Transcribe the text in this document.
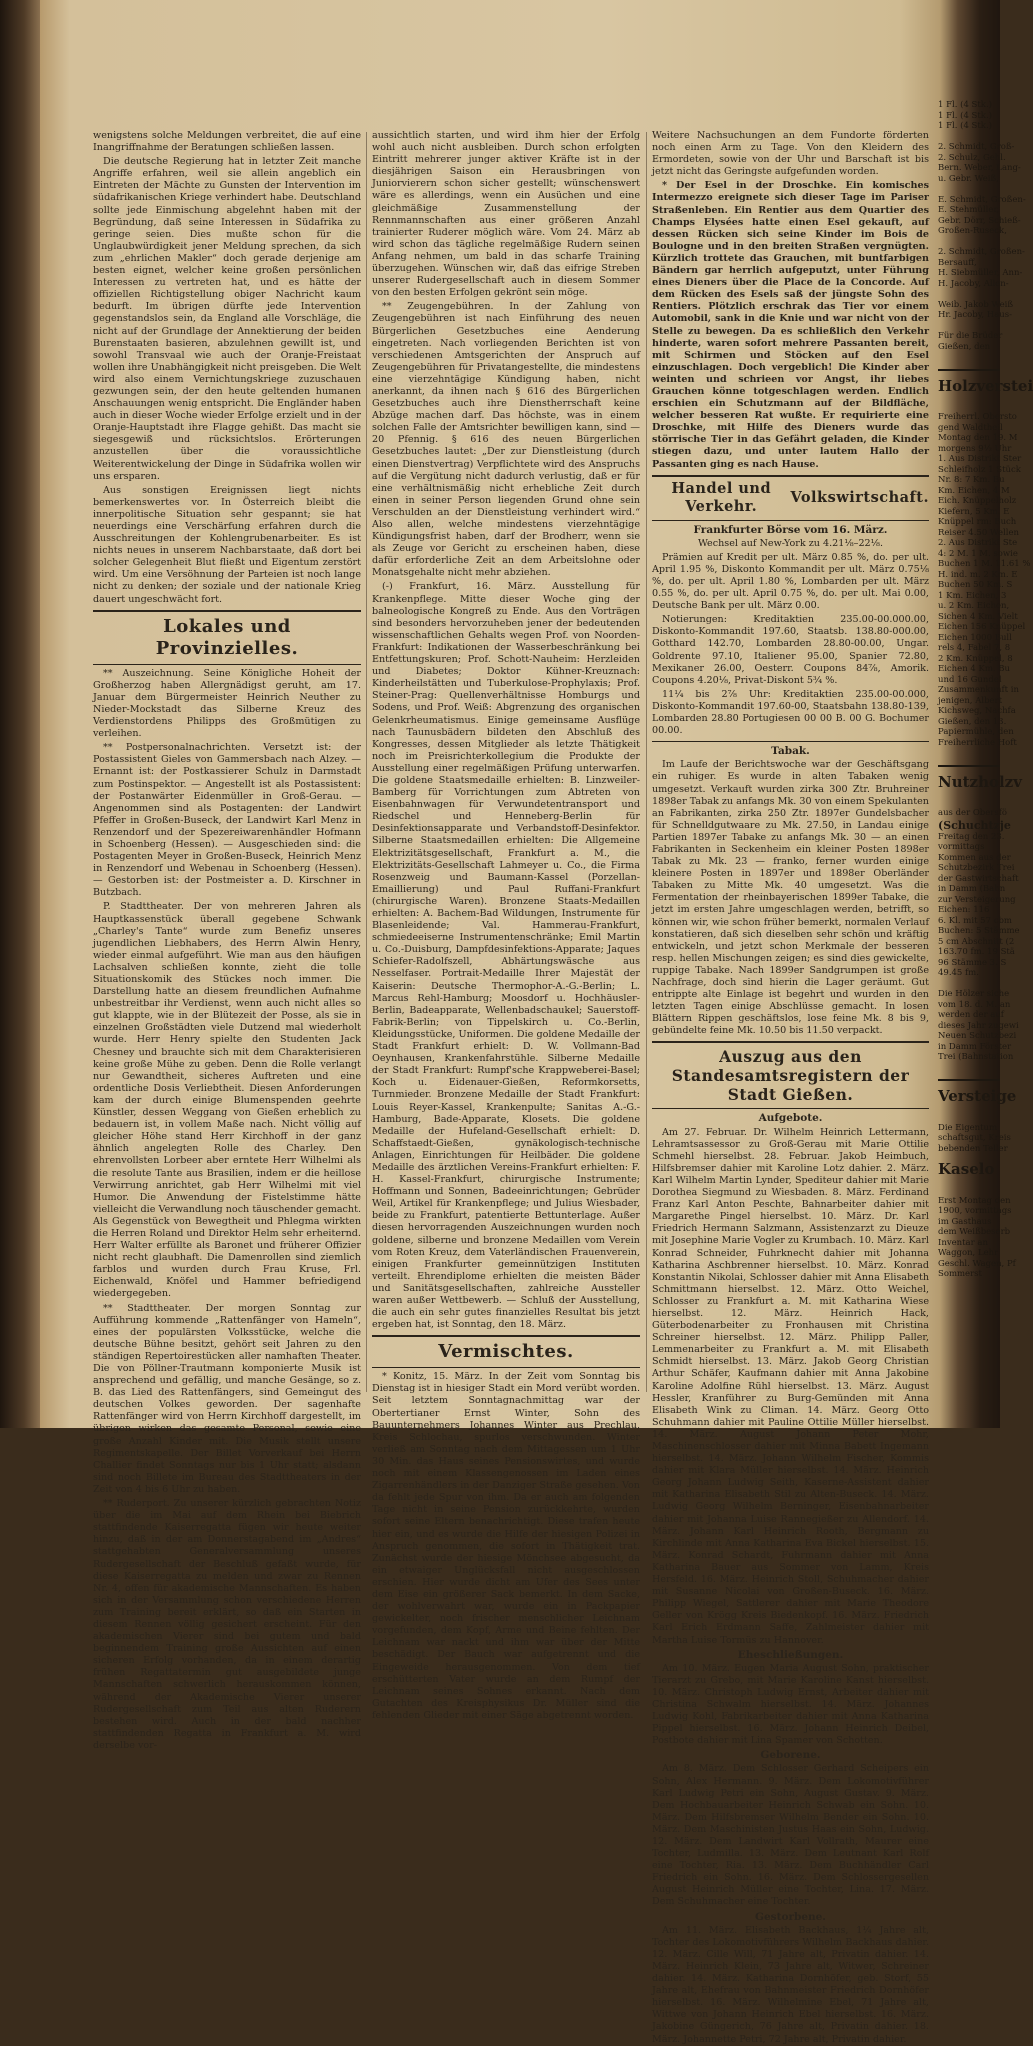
wenigstens solche Meldungen verbreitet, die auf eine Inangriffnahme der Beratungen schließen lassen.

Die deutsche Regierung hat in letzter Zeit manche Angriffe erfahren, weil sie allein angeblich ein Eintreten der Mächte zu Gunsten der Intervention im südafrikanischen Kriege verhindert habe. Deutschland sollte jede Einmischung abgelehnt haben mit der Begründung, daß seine Interessen in Südafrika zu geringe seien. Dies mußte schon für die Unglaubwürdigkeit jener Meldung sprechen, da sich zum „ehrlichen Makler“ doch gerade derjenige am besten eignet, welcher keine großen persönlichen Interessen zu vertreten hat, und es hätte der offiziellen Richtigstellung obiger Nachricht kaum bedurft. Im übrigen dürfte jede Intervention gegenstandslos sein, da England alle Vorschläge, die nicht auf der Grundlage der Annektierung der beiden Burenstaaten basieren, abzulehnen gewillt ist, und sowohl Transvaal wie auch der Oranje-Freistaat wollen ihre Unabhängigkeit nicht preisgeben. Die Welt wird also einem Vernichtungskriege zuzuschauen gezwungen sein, der den heute geltenden humanen Anschauungen wenig entspricht. Die Engländer haben auch in dieser Woche wieder Erfolge erzielt und in der Oranje-Hauptstadt ihre Flagge gehißt. Das macht sie siegesgewiß und rücksichtslos. Erörterungen anzustellen über die voraussichtliche Weiterentwickelung der Dinge in Südafrika wollen wir uns ersparen.

Aus sonstigen Ereignissen liegt nichts bemerkenswertes vor. In Österreich bleibt die innerpolitische Situation sehr gespannt; sie hat neuerdings eine Verschärfung erfahren durch die Ausschreitungen der Kohlengrubenarbeiter. Es ist nichts neues in unserem Nachbarstaate, daß dort bei solcher Gelegenheit Blut fließt und Eigentum zerstört wird. Um eine Versöhnung der Parteien ist noch lange nicht zu denken; der soziale und der nationale Krieg dauert ungeschwächt fort.

Lokales und Provinzielles.

** Auszeichnung. Seine Königliche Hoheit der Großherzog haben Allergnädigst geruht, am 17. Januar dem Bürgermeister Heinrich Neuther zu Nieder-Mockstadt das Silberne Kreuz des Verdienstordens Philipps des Großmütigen zu verleihen.

** Postpersonalnachrichten. Versetzt ist: der Postassistent Gieles von Gammersbach nach Alzey. — Ernannt ist: der Postkassierer Schulz in Darmstadt zum Postinspektor. — Angestellt ist als Postassistent: der Postanwärter Eidenmüller in Groß-Gerau. — Angenommen sind als Postagenten: der Landwirt Pfeffer in Großen-Buseck, der Landwirt Karl Menz in Renzendorf und der Spezereiwarenhändler Hofmann in Schoenberg (Hessen). — Ausgeschieden sind: die Postagenten Meyer in Großen-Buseck, Heinrich Menz in Renzendorf und Webenau in Schoenberg (Hessen). — Gestorben ist: der Postmeister a. D. Kirschner in Butzbach.

P. Stadttheater. Der von mehreren Jahren als Hauptkassenstück überall gegebene Schwank „Charley's Tante“ wurde zum Benefiz unseres jugendlichen Liebhabers, des Herrn Alwin Henry, wieder einmal aufgeführt. Wie man aus den häufigen Lachsalven schließen konnte, zieht die tolle Situationskomik des Stückes noch immer. Die Darstellung hatte an diesem freundlichen Aufnahme unbestreitbar ihr Verdienst, wenn auch nicht alles so gut klappte, wie in der Blütezeit der Posse, als sie in einzelnen Großstädten viele Dutzend mal wiederholt wurde. Herr Henry spielte den Studenten Jack Chesney und brauchte sich mit dem Charakterisieren keine große Mühe zu geben. Denn die Rolle verlangt nur Gewandtheit, sicheres Auftreten und eine ordentliche Dosis Verliebtheit. Diesen Anforderungen kam der durch einige Blumenspenden geehrte Künstler, dessen Weggang von Gießen erheblich zu bedauern ist, in vollem Maße nach. Nicht völlig auf gleicher Höhe stand Herr Kirchhoff in der ganz ähnlich angelegten Rolle des Charley. Den ehrenvollsten Lorbeer aber erntete Herr Wilhelmi als die resolute Tante aus Brasilien, indem er die heillose Verwirrung anrichtet, gab Herr Wilhelmi mit viel Humor. Die Anwendung der Fistelstimme hätte vielleicht die Verwandlung noch täuschender gemacht. Als Gegenstück von Bewegtheit und Phlegma wirkten die Herren Roland und Direktor Helm sehr erheiternd. Herr Walter erfüllte als Baronet und früherer Offizier nicht recht glaubhaft. Die Damenrollen sind ziemlich farblos und wurden durch Frau Kruse, Frl. Eichenwald, Knöfel und Hammer befriedigend wiedergegeben.

** Stadttheater. Der morgen Sonntag zur Aufführung kommende „Rattenfänger von Hameln“, eines der populärsten Volksstücke, welche die deutsche Bühne besitzt, gehört seit Jahren zu den ständigen Repertoirestücken aller namhaften Theater. Die von Pöllner-Trautmann komponierte Musik ist ansprechend und gefällig, und manche Gesänge, so z. B. das Lied des Rattenfängers, sind Gemeingut des deutschen Volkes geworden. Der sagenhafte Rattenfänger wird von Herrn Kirchhoff dargestellt, im übrigen wirken das gesamte Personal, sowie eine große Anzahl Kinder mit. Die Musik stellt unsere Regimentskapelle. Der Billet Vorverkauf bei Herrn Challier findet Sonntags nur bis 1 Uhr statt; alsdann sind noch Billete im Bureau des Stadttheaters in der Zeit von 4 bis 6 Uhr zu haben.

** Ruderport. Zu unserer kürzlich gebrachten Notiz über die im Mai auf dem Rhein bei Biebrich stattfindende Kaiserregatta fügen wir heute weiter hinzu, daß in der am Donnerstagabend im „Andres“ stattgehabten Generalversammlung unseres Rudergesellschaft der Beschluß gefaßt wurde, für diese Kaiserregatta zu melden und zwar zu Rennen Nr. 4, offen für akademische Mannschaften. Es haben sich in der Versammlung schon verschiedene Herren zum Training bereit erklärt, so daß ein Starten in diesem Rennen völlig gesichert erscheint. Für den akademischen Vierer sind bei gutem und bald beginnendem Training große Aussichten auf einen sicheren Erfolg vorhanden, da in einem derartig frühen Regattatermin gut ausgebildete junge Mannschaften schwerlich herauskommen können, während der Akademische Vierer unserer Rudergesellschaft zum Teil aus alten Ruderern bestehen wird. Auch in der bald nachher stattfindenden Regatta in Frankfurt a. M. wird derselbe vor-

aussichtlich starten, und wird ihm hier der Erfolg wohl auch nicht ausbleiben. Durch schon erfolgten Eintritt mehrerer junger aktiver Kräfte ist in der diesjährigen Saison ein Herausbringen von Juniorvierern schon sicher gestellt; wünschenswert wäre es allerdings, wenn ein Ausüchen und eine gleichmäßige Zusammenstellung der Rennmannschaften aus einer größeren Anzahl trainierter Ruderer möglich wäre. Vom 24. März ab wird schon das tägliche regelmäßige Rudern seinen Anfang nehmen, um bald in das scharfe Training überzugehen. Wünschen wir, daß das eifrige Streben unserer Rudergesellschaft auch in diesem Sommer von den besten Erfolgen gekrönt sein möge.

** Zeugengebühren. In der Zahlung von Zeugengebühren ist nach Einführung des neuen Bürgerlichen Gesetzbuches eine Aenderung eingetreten. Nach vorliegenden Berichten ist von verschiedenen Amtsgerichten der Anspruch auf Zeugengebühren für Privatangestellte, die mindestens eine vierzehntägige Kündigung haben, nicht anerkannt, da ihnen nach § 616 des Bürgerlichen Gesetzbuches auch ihre Dienstherrschaft keine Abzüge machen darf. Das höchste, was in einem solchen Falle der Amtsrichter bewilligen kann, sind — 20 Pfennig. § 616 des neuen Bürgerlichen Gesetzbuches lautet: „Der zur Dienstleistung (durch einen Dienstvertrag) Verpflichtete wird des Anspruchs auf die Vergütung nicht dadurch verlustig, daß er für eine verhältnismäßig nicht erhebliche Zeit durch einen in seiner Person liegenden Grund ohne sein Verschulden an der Dienstleistung verhindert wird.“ Also allen, welche mindestens vierzehntägige Kündigungsfrist haben, darf der Brodherr, wenn sie als Zeuge vor Gericht zu erscheinen haben, diese dafür erforderliche Zeit an dem Arbeitslohne oder Monatsgehalte nicht mehr abziehen.

(-) Frankfurt, 16. März. Ausstellung für Krankenpflege. Mitte dieser Woche ging der balneologische Kongreß zu Ende. Aus den Vorträgen sind besonders hervorzuheben jener der bedeutenden wissenschaftlichen Gehalts wegen Prof. von Noorden-Frankfurt: Indikationen der Wasserbeschränkung bei Entfettungskuren; Prof. Schott-Nauheim: Herzleiden und Diabetes; Doktor Kühner-Kreuznach: Kinderheilstätten und Tuberkulose-Prophylaxis; Prof. Steiner-Prag: Quellenverhältnisse Homburgs und Sodens, und Prof. Weiß: Abgrenzung des organischen Gelenkrheumatismus. Einige gemeinsame Ausflüge nach Taunusbädern bildeten den Abschluß des Kongresses, dessen Mitglieder als letzte Thätigkeit noch im Preisrichterkollegium die Produkte der Ausstellung einer regelmäßigen Prüfung unterwarfen. Die goldene Staatsmedaille erhielten: B. Linzweiler-Bamberg für Vorrichtungen zum Abtreten von Eisenbahnwagen für Verwundetentransport und Riedschel und Henneberg-Berlin für Desinfektionsapparate und Verbandstoff-Desinfektor. Silberne Staatsmedaillen erhielten: Die Allgemeine Elektrizitätsgesellschaft, Frankfurt a. M., die Elektrizitäts-Gesellschaft Lahmeyer u. Co., die Firma Rosenzweig und Baumann-Kassel (Porzellan-Emaillierung) und Paul Ruffani-Frankfurt (chirurgische Waren). Bronzene Staats-Medaillen erhielten: A. Bachem-Bad Wildungen, Instrumente für Blasenleidende; Val. Hammerau-Frankfurt, schmiedeeiserne Instrumentenschränke; Emil Martin u. Co.-Duisburg, Dampfdesinfektions-Apparate; Jaques Schiefer-Radolfszell, Abhärtungswäsche aus Nesselfaser. Portrait-Medaille Ihrer Majestät der Kaiserin: Deutsche Thermophor-A.-G.-Berlin; L. Marcus Rehl-Hamburg; Moosdorf u. Hochhäusler-Berlin, Badeapparate, Wellenbadschaukel; Sauerstoff-Fabrik-Berlin; von Tippelskirch u. Co.-Berlin, Kleidungsstücke, Uniformen. Die goldene Medaille der Stadt Frankfurt erhielt: D. W. Vollmann-Bad Oeynhausen, Krankenfahrstühle. Silberne Medaille der Stadt Frankfurt: Rumpf'sche Krappweberei-Basel; Koch u. Eidenauer-Gießen, Reformkorsetts, Turnmieder. Bronzene Medaille der Stadt Frankfurt: Louis Reyer-Kassel, Krankenpulte; Sanitas A.-G.-Hamburg, Bade-Apparate, Klosets. Die goldene Medaille der Hufeland-Gesellschaft erhielt: D. Schaffstaedt-Gießen, gynäkologisch-technische Anlagen, Einrichtungen für Heilbäder. Die goldene Medaille des ärztlichen Vereins-Frankfurt erhielten: F. H. Kassel-Frankfurt, chirurgische Instrumente; Hoffmann und Sonnen, Badeeinrichtungen; Gebrüder Weil, Artikel für Krankenpflege; und Julius Wiesbader, beide zu Frankfurt, patentierte Bettunterlage. Außer diesen hervorragenden Auszeichnungen wurden noch goldene, silberne und bronzene Medaillen vom Verein vom Roten Kreuz, dem Vaterländischen Frauenverein, einigen Frankfurter gemeinnützigen Instituten verteilt. Ehrendiplome erhielten die meisten Bäder und Sanitätsgesellschaften, zahlreiche Aussteller waren außer Wettbewerb. — Schluß der Ausstellung, die auch ein sehr gutes finanzielles Resultat bis jetzt ergeben hat, ist Sonntag, den 18. März.

Vermischtes.

* Konitz, 15. März. In der Zeit vom Sonntag bis Dienstag ist in hiesiger Stadt ein Mord verübt worden. Seit letztem Sonntagnachmittag war der Obertertianer Ernst Winter, Sohn des Bauunternehmers Johannes Winter aus Prechlau, Kreis Schlochau, spurlos verschwunden. Winter verließ am Sonntag nach dem Mittagessen um 1 Uhr 30 Min. das Haus seines Pensionswirtes, und wurde noch mit einem Klassengenossen im Laden eines Zigarrenhändlers in der Danziger Straße gesehen. Von da fehlt jede Spur von ihm. Da er auch am folgenden Tage nicht in seine Pension zurückkehrte, wurden sofort seine Eltern benachrichtigt. Diese trafen heute hier ein, und es wurde die Hilfe der hiesigen Polizei in Anspruch genommen, die sofort in Thätigkeit trat. Zunächst wurde der hiesige Mönchsee abgesucht, da ein etwaiger Unglücksfall nicht ausgeschlossen erschien. Hier wurde dicht am Ufer des Sees unter dem Eise ein größerer Sack bemerkt. In dem Sacke, der wohlverwahrt war, wurde ein in Packpapier gewickelter, noch frischer menschlicher Leichnam vorgefunden, dem Kopf, Arme und Beine fehlten. Der Leichnam war nackt und ihm war über der Mitte beschädigt. Der Bauch war aufgetrennt und die Eingeweide herausgenommen. Von dem tief erschütterten Vater wurde an dem Rumpf der Leichnam seines Sohnes erkannt. Nach dem Gutachten des Kreisphysikus Dr. Müller sind die fehlenden Glieder mit einer Säge abgetrennt worden.

Weitere Nachsuchungen an dem Fundorte förderten noch einen Arm zu Tage. Von den Kleidern des Ermordeten, sowie von der Uhr und Barschaft ist bis jetzt nicht das Geringste aufgefunden worden.

* Der Esel in der Droschke. Ein komisches Intermezzo ereignete sich dieser Tage im Pariser Straßenleben. Ein Rentier aus dem Quartier des Champs Elysées hatte einen Esel gekauft, auf dessen Rücken sich seine Kinder im Bois de Boulogne und in den breiten Straßen vergnügten. Kürzlich trottete das Grauchen, mit buntfarbigen Bändern gar herrlich aufgeputzt, unter Führung eines Dieners über die Place de la Concorde. Auf dem Rücken des Esels saß der jüngste Sohn des Rentiers. Plötzlich erschrak das Tier vor einem Automobil, sank in die Knie und war nicht von der Stelle zu bewegen. Da es schließlich den Verkehr hinderte, waren sofort mehrere Passanten bereit, mit Schirmen und Stöcken auf den Esel einzuschlagen. Doch vergeblich! Die Kinder aber weinten und schrieen vor Angst, ihr liebes Grauchen könne totgeschlagen werden. Endlich erschien ein Schutzmann auf der Bildfläche, welcher besseren Rat wußte. Er requirierte eine Droschke, mit Hilfe des Dieners wurde das störrische Tier in das Gefährt geladen, die Kinder stiegen dazu, und unter lautem Hallo der Passanten ging es nach Hause.

Handel und Verkehr.
Volkswirtschaft.
Frankfurter Börse vom 16. März.

Wechsel auf New-York zu 4.21⅛–22⅛.

Prämien auf Kredit per ult. März 0.85 %, do. per ult. April 1.95 %, Diskonto Kommandit per ult. März 0.75⅛ %, do. per ult. April 1.80 %, Lombarden per ult. März 0.55 %, do. per ult. April 0.75 %, do. per ult. Mai 0.00, Deutsche Bank per ult. März 0.00.

Notierungen: Kreditaktien 235.00-00.000.00, Diskonto-Kommandit 197.60, Staatsb. 138.80-000.00, Gotthard 142.70, Lombarden 28.80-00.00, Ungar. Goldrente 97.10, Italiener 95.00, Spanier 72.80, Mexikaner 26.00, Oesterr. Coupons 84⅞, Amorik. Coupons 4.20⅛, Privat-Diskont 5¾ %.

11¼ bis 2⅞ Uhr: Kreditaktien 235.00-00.000, Diskonto-Kommandit 197.60-00, Staatsbahn 138.80-139, Lombarden 28.80 Portugiesen 00 00 B. 00 G. Bochumer 00.00.

Tabak.

Im Laufe der Berichtswoche war der Geschäftsgang ein ruhiger. Es wurde in alten Tabaken wenig umgesetzt. Verkauft wurden zirka 300 Ztr. Bruhreiner 1898er Tabak zu anfangs Mk. 30 von einem Spekulanten an Fabrikanten, zirka 250 Ztr. 1897er Gundelsbacher für Schnelldgutwaare zu Mk. 27.50, in Landau einige Partien 1897er Tabake zu anfangs Mk. 30 — an einen Fabrikanten in Seckenheim ein kleiner Posten 1898er Tabak zu Mk. 23 — franko, ferner wurden einige kleinere Posten in 1897er und 1898er Oberländer Tabaken zu Mitte Mk. 40 umgesetzt. Was die Fermentation der rheinbayerischen 1899er Tabake, die jetzt im ersten Jahre umgeschlagen werden, betrifft, so können wir, wie schon früher bemerkt, normalen Verlauf konstatieren, daß sich dieselben sehr schön und kräftig entwickeln, und jetzt schon Merkmale der besseren resp. hellen Mischungen zeigen; es sind dies gewickelte, ruppige Tabake. Nach 1899er Sandgrumpen ist große Nachfrage, doch sind hierin die Lager geräumt. Gut entrippte alte Einlage ist begehrt und wurden in den letzten Tagen einige Abschlüsse gemacht. In losen Blättern Rippen geschäftslos, lose feine Mk. 8 bis 9, gebündelte feine Mk. 10.50 bis 11.50 verpackt.

Auszug aus den Standesamtsregistern der Stadt Gießen.
Aufgebote.

Am 27. Februar. Dr. Wilhelm Heinrich Lettermann, Lehramtsassessor zu Groß-Gerau mit Marie Ottilie Schmehl hierselbst. 28. Februar. Jakob Heimbuch, Hilfsbremser dahier mit Karoline Lotz dahier. 2. März. Karl Wilhelm Martin Lynder, Spediteur dahier mit Marie Dorothea Siegmund zu Wiesbaden. 8. März. Ferdinand Franz Karl Anton Peschte, Bahnarbeiter dahier mit Margarethe Pingel hierselbst. 10. März. Dr. Karl Friedrich Hermann Salzmann, Assistenzarzt zu Dieuze mit Josephine Marie Vogler zu Krumbach. 10. März. Karl Konrad Schneider, Fuhrknecht dahier mit Johanna Katharina Aschbrenner hierselbst. 10. März. Konrad Konstantin Nikolai, Schlosser dahier mit Anna Elisabeth Schmittmann hierselbst. 12. März. Otto Weichel, Schlosser zu Frankfurt a. M. mit Katharina Wiese hierselbst. 12. März. Heinrich Hack, Güterbodenarbeiter zu Fronhausen mit Christina Schreiner hierselbst. 12. März. Philipp Paller, Lemmenarbeiter zu Frankfurt a. M. mit Elisabeth Schmidt hierselbst. 13. März. Jakob Georg Christian Arthur Schäfer, Kaufmann dahier mit Anna Jakobine Karoline Adolfine Rühl hierselbst. 13. März. August Hessler, Kranführer zu Burg-Gemünden mit Anna Elisabeth Wink zu Climan. 14. März. Georg Otto Schuhmann dahier mit Pauline Ottilie Müller hierselbst. 14. März. August Johann Peter Mohr, Maschinenschlosser dahier mit Minna Babett Ingemann hierselbst. 14. März. Johann Wilhelm Fischer, Kommis dahier mit Klara Müller hierselbst. 14. März. Heinrich Georg Johann Ludwig Seith, Kaserne-Assistent dahier mit Katharina Elisabeth Stil zu Alten-Buseck. 14. März. Ludwig Georg Wilhelm Berninger, Eisenbahnarbeiter dahier mit Johanna Luise Rannegießer zu Allendorf. 14. März. Johann Karl Heinrich Rooth, Bergmann zu Kirchlinde mit Anna Katharina Eva Bickel hierselbst. 15. März. Konrad Schardt, Fuhrmann dahier mit Anna Katharina Bauer aus Sommer von Lamm, Kreis Hersfeld. 16. März. Heinrich Stoll, Schuhmacher dahier mit Susanne Nicolai von Großen-Buseck. 16. März. Philipp Wiegel, Sattlerer dahier mit Marie Theodore Geller von Krögg Kreis Biedenkopf. 16. März. Friedrich Karl Erich Erdmann Saffe, Zahlmeister dahier mit Martha Luise Tormüs zu Hannover.

Eheschließungen.

Am 10. März. Eugen Maria August Sohn, praktischer Tierarzt zu Grebo, mit Marie Karoline Kanst hierselbst. 10. März. Christoph Ludwig Ernst, Arbeiter dahier mit Christina Schwalm hierselbst. 14. März. Johannes Ludwig Kohl, Fabrikarbeiter dahier mit Anna Katharina Pippel hierselbst. 16. März. Johann Heinrich Deibel, Postbote dahier mit Lina Spamer von Schotten.

Geborene.

Am 8. März. Dem Schlosser Gerhard Scheipers ein Sohn, Alex Hermann. 9. März. Dem Lokomotivführer Karl Ludwig Petri ein Sohn, August Gustav. 9. März. Dem Hochbauarbeiter Heinrich Schwab ein Sohn. 10. März. Dem Hilfsbremser Wilhelm Bender ein Sohn. 10. März. Dem Maschinisten Justus Haas ein Sohn, Ludwig. 12. März. Dem Landwirt Karl Vollrath, Maurer eine Tochter, Ludmilla. 13. März. Dem Leutnant Karl Rolf eine Tochter, Ria. 13. März. Dem Buchhändler Carl Friedrich ein Sohn. 16. März. Dem Schlossergesellen August Heinrich Müller eine Tochter, Lina. 17. März. Dem Schuhmacher eine Tochter.

Gestorbene.

Am 11. März. Elisabeth Backhaus, 1¼ Jahre alt, Tochter des Lokomotivführers Wilhelm Backhaus dahier. 12. März. Cille Will, 71 Jahre alt, Privatin dahier. 14. März. Heinrich Klein, 73 Jahre alt, Witwer, Schreiner dahier. 14. März. Katharina Dornhöfer, geb. Storf, 55 Jahre alt, Ehefrau von Bahnmeister Friedrich Dornhöfer hierselbst. 16. März. Wilhelmine Ebel, 71 Jahre alt, Wittwe von Johann Heinrich Ebel hierselbst. 16. März. Jakobine Güngerich, 76 Jahre alt, Privatin dahier. 18. März. Johannette Petri, 72 Jahre alt, Privatin dahier.

1 Fl. (4 Stk.)
1 Fl. (4 Stk.)
1 Fl. (4 Stk.)

2. Schmidt, Groß-
2. Schulz, Gehl.
Bern. Weber, Lang-
u. Gebr. Weiß,

E. Schmidt, Großen-
E. Stehmüller,
Gebr. Dörr, Schieß-
Großen-Ruseck,

2. Schmidt, Großen-
Bersauff,
H. Siebmüller, Ann-
H. Jacoby, Allen-

Weib. Jakob Weiß
Hr. Jacoby, Haus-

Für die Brüder
Gießen, den

Holzverstei

Freiherrl. Obersto
gend Waldtheil
Montag den 19. M
morgens 9½ Uhr
1. Aus Distrikt Ster
Schleifholz 1 Stück
Nr. 8: 7 Km. Bu
Km. Eichen, 4 M
Eich. Knüppelholz
Kiefern, 5 Km. E
Knüppel rm: Buch
Reiser 4.50 Wellen
2. Aus Distrikt Ste
4: 2 M. 1 M. sowie
Buchen 1 M. 11.61 %
H. ind. m. 2 Km. E
Buchen 50 Km. S
1 Km. Eichen, 3
u. 2 Km. Eichen,
Sichen 4 Km. Vielt
Eichen 156 Knüppel
Eichen 1000 Bull
rels 4, Fabel 7, 8
2 Km. Knüppel, 8
Eichen 4 Km. Bu
und 16 Gundel
Zusammenkunft in
jenigen, Albert
Kichsweg, Nachfa
Gießen, den 13.
Papiermühle, den
Freiherrliche Hoft

Nutzholzv

aus der Obersfö
(Schuchtzje
Freitag den 23.
vormittags
Kommen aus der
Schutzbezirk Trei
der Gastwirtschaft
in Damm (Bahn
zur Versteigerung
Eichen: 116
6. Kl. mit 57 cbm
Buchen: 5 Stämme
5 cm Abschnitt (2
163.70 fm. 19 Stä
96 Stämme 3. S
49.45 fm.

Die Hölzer siche
vom 18. d. M. an
werden der auf
dieses Jahr zugewi
Neuen Schutzbezi
in Damm Förster
Trei (Bahnstation

Versteige

Die Eigentum
schaftsgut, Kreis
bebenden Teller
Kaselo

Erst Montag den
1900, vormittags
im Gasthaus
dem Weißbeserb
Inventar an
Waggon, Lehr
Geschl. Wagen, Pf
Sommerst
